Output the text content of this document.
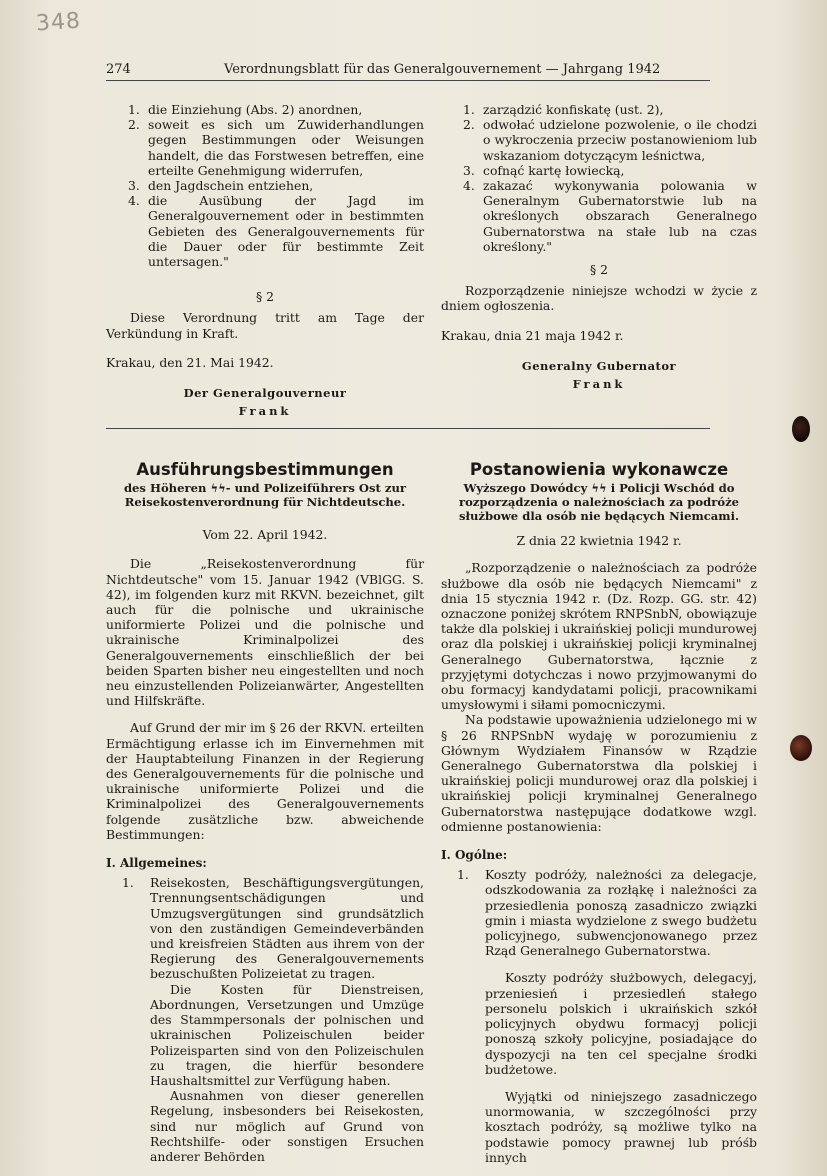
348
274	Verordnungsblatt für das Generalgouvernement — Jahrgang 1942
1. die Einziehung (Abs. 2) anordnen,
2. soweit es sich um Zuwiderhandlungen gegen Bestimmungen oder Weisungen handelt, die das Forstwesen betreffen, eine erteilte Genehmigung widerrufen,
3. den Jagdschein entziehen,
4. die Ausübung der Jagd im Generalgouvernement oder in bestimmten Gebieten des Generalgouvernements für die Dauer oder für bestimmte Zeit untersagen."
§ 2

Diese Verordnung tritt am Tage der Verkündung in Kraft.

Krakau, den 21. Mai 1942.
Der Generalgouverneur
Frank
1. zarządzić konfiskatę (ust. 2),
2. odwołać udzielone pozwolenie, o ile chodzi o wykroczenia przeciw postanowieniom lub wskazaniom dotyczącym leśnictwa,
3. cofnąć kartę łowiecką,
4. zakazać wykonywania polowania w Generalnym Gubernatorstwie lub na określonych obszarach Generalnego Gubernatorstwa na stałe lub na czas określony."
§ 2

Rozporządzenie niniejsze wchodzi w życie z dniem ogłoszenia.

Krakau, dnia 21 maja 1942 r.
Generalny Gubernator
Frank
Ausführungsbestimmungen
des Höheren ϟϟ- und Polizeiführers Ost zur Reisekostenverordnung für Nichtdeutsche.
Vom 22. April 1942.

Die „Reisekostenverordnung für Nichtdeutsche" vom 15. Januar 1942 (VBlGG. S. 42), im folgenden kurz mit RKVN. bezeichnet, gilt auch für die polnische und ukrainische uniformierte Polizei und die polnische und ukrainische Kriminalpolizei des Generalgouvernements einschließlich der bei beiden Sparten bisher neu eingestellten und noch neu einzustellenden Polizeianwärter, Angestellten und Hilfskräfte.

Auf Grund der mir im § 26 der RKVN. erteilten Ermächtigung erlasse ich im Einvernehmen mit der Hauptabteilung Finanzen in der Regierung des Generalgouvernements für die polnische und ukrainische uniformierte Polizei und die Kriminalpolizei des Generalgouvernements folgende zusätzliche bzw. abweichende Bestimmungen:

I. Allgemeines:
1. Reisekosten, Beschäftigungsvergütungen, Trennungsentschädigungen und Umzugsvergütungen sind grundsätzlich von den zuständigen Gemeindeverbänden und kreisfreien Städten aus ihrem von der Regierung des Generalgouvernements bezuschußten Polizeietat zu tragen.

Die Kosten für Dienstreisen, Abordnungen, Versetzungen und Umzüge des Stammpersonals der polnischen und ukrainischen Polizeischulen beider Polizeisparten sind von den Polizeischulen zu tragen, die hierfür besondere Haushaltsmittel zur Verfügung haben.

Ausnahmen von dieser generellen Regelung, insbesonders bei Reisekosten, sind nur möglich auf Grund von Rechtshilfe- oder sonstigen Ersuchen anderer Behörden

Postanowienia wykonawcze
Wyższego Dowódcy ϟϟ i Policji Wschód do rozporządzenia o należnościach za podróże służbowe dla osób nie będących Niemcami.
Z dnia 22 kwietnia 1942 r.

„Rozporządzenie o należnościach za podróże służbowe dla osób nie będących Niemcami" z dnia 15 stycznia 1942 r. (Dz. Rozp. GG. str. 42) oznaczone poniżej skrótem RNPSnbN, obowiązuje także dla polskiej i ukraińskiej policji mundurowej oraz dla polskiej i ukraińskiej policji kryminalnej Generalnego Gubernatorstwa, łącznie z przyjętymi dotychczas i nowo przyjmowanymi do obu formacyj kandydatami policji, pracownikami umysłowymi i siłami pomocniczymi.

Na podstawie upoważnienia udzielonego mi w § 26 RNPSnbN wydaję w porozumieniu z Głównym Wydziałem Finansów w Rządzie Generalnego Gubernatorstwa dla polskiej i ukraińskiej policji mundurowej oraz dla polskiej i ukraińskiej policji kryminalnej Generalnego Gubernatorstwa następujące dodatkowe wzgl. odmienne postanowienia:

I. Ogólne:
1. Koszty podróży, należności za delegacje, odszkodowania za rozłąkę i należności za przesiedlenia ponoszą zasadniczo związki gmin i miasta wydzielone z swego budżetu policyjnego, subwencjonowanego przez Rząd Generalnego Gubernatorstwa.

Koszty podróży służbowych, delegacyj, przeniesień i przesiedleń stałego personelu polskich i ukraińskich szkół policyjnych obydwu formacyj policji ponoszą szkoły policyjne, posiadające do dyspozycji na ten cel specjalne środki budżetowe.

Wyjątki od niniejszego zasadniczego unormowania, w szczególności przy kosztach podróży, są możliwe tylko na podstawie pomocy prawnej lub próśb innych
